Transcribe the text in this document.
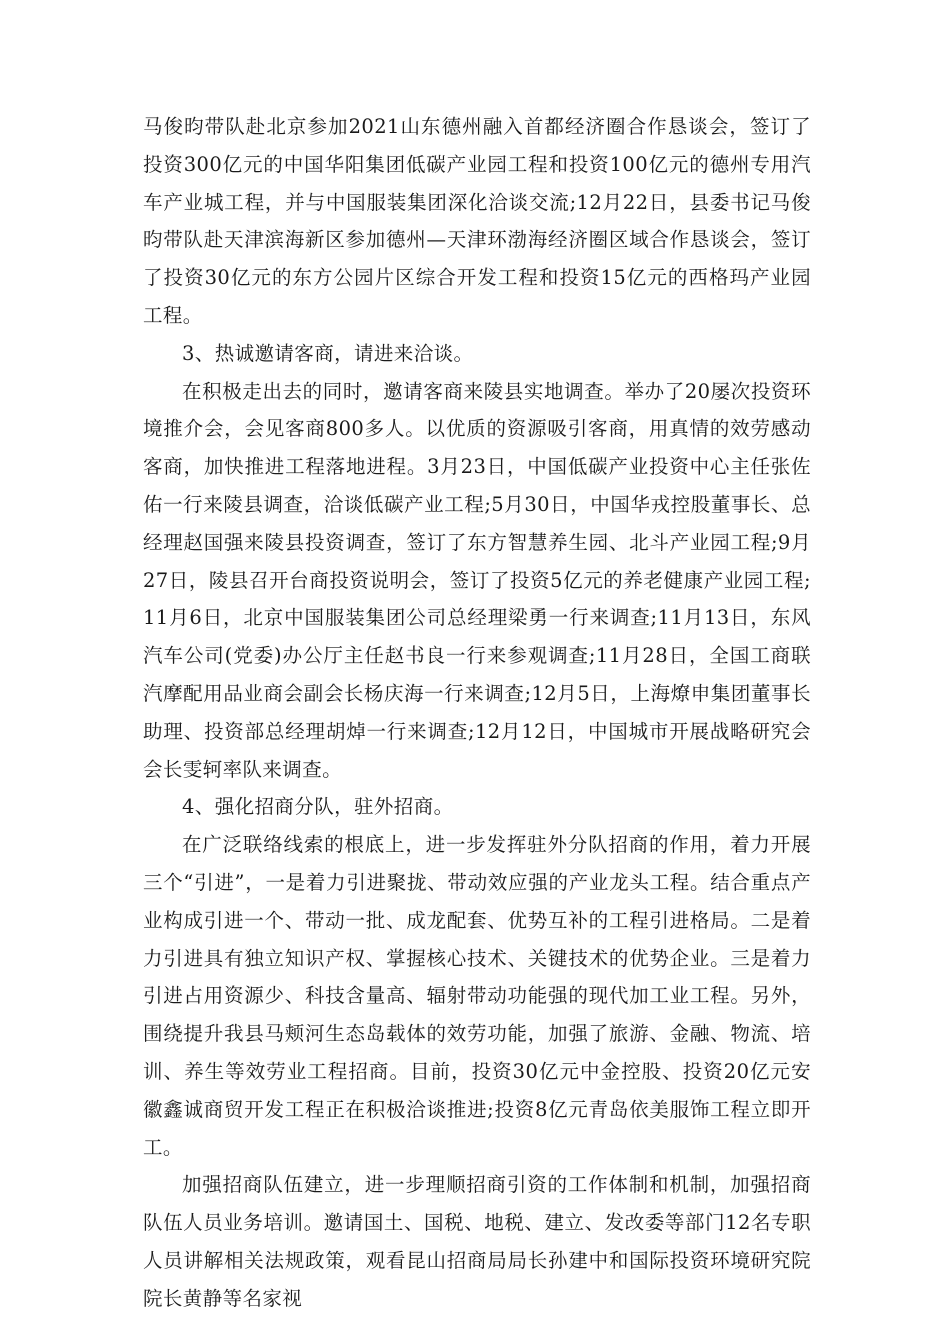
马俊昀带队赴北京参加2021山东德州融入首都经济圈合作恳谈会，签订了投资300亿元的中国华阳集团低碳产业园工程和投资100亿元的德州专用汽车产业城工程，并与中国服装集团深化洽谈交流;12月22日，县委书记马俊昀带队赴天津滨海新区参加德州—天津环渤海经济圈区域合作恳谈会，签订了投资30亿元的东方公园片区综合开发工程和投资15亿元的西格玛产业园工程。

3、热诚邀请客商，请进来洽谈。

在积极走出去的同时，邀请客商来陵县实地调查。举办了20屡次投资环境推介会，会见客商800多人。以优质的资源吸引客商，用真情的效劳感动客商，加快推进工程落地进程。3月23日，中国低碳产业投资中心主任张佐佑一行来陵县调查，洽谈低碳产业工程;5月30日，中国华戎控股董事长、总经理赵国强来陵县投资调查，签订了东方智慧养生园、北斗产业园工程;9月27日，陵县召开台商投资说明会，签订了投资5亿元的养老健康产业园工程;11月6日，北京中国服装集团公司总经理梁勇一行来调查;11月13日，东风汽车公司(党委)办公厅主任赵书良一行来参观调查;11月28日，全国工商联汽摩配用品业商会副会长杨庆海一行来调查;12月5日，上海燎申集团董事长助理、投资部总经理胡焯一行来调查;12月12日，中国城市开展战略研究会会长雯轲率队来调查。

4、强化招商分队，驻外招商。

在广泛联络线索的根底上，进一步发挥驻外分队招商的作用，着力开展三个“引进”，一是着力引进聚拢、带动效应强的产业龙头工程。结合重点产业构成引进一个、带动一批、成龙配套、优势互补的工程引进格局。二是着力引进具有独立知识产权、掌握核心技术、关键技术的优势企业。三是着力引进占用资源少、科技含量高、辐射带动功能强的现代加工业工程。另外，围绕提升我县马颊河生态岛载体的效劳功能，加强了旅游、金融、物流、培训、养生等效劳业工程招商。目前，投资30亿元中金控股、投资20亿元安徽鑫诚商贸开发工程正在积极洽谈推进;投资8亿元青岛依美服饰工程立即开工。

加强招商队伍建立，进一步理顺招商引资的工作体制和机制，加强招商队伍人员业务培训。邀请国土、国税、地税、建立、发改委等部门12名专职人员讲解相关法规政策，观看昆山招商局局长孙建中和国际投资环境研究院院长黄静等名家视
